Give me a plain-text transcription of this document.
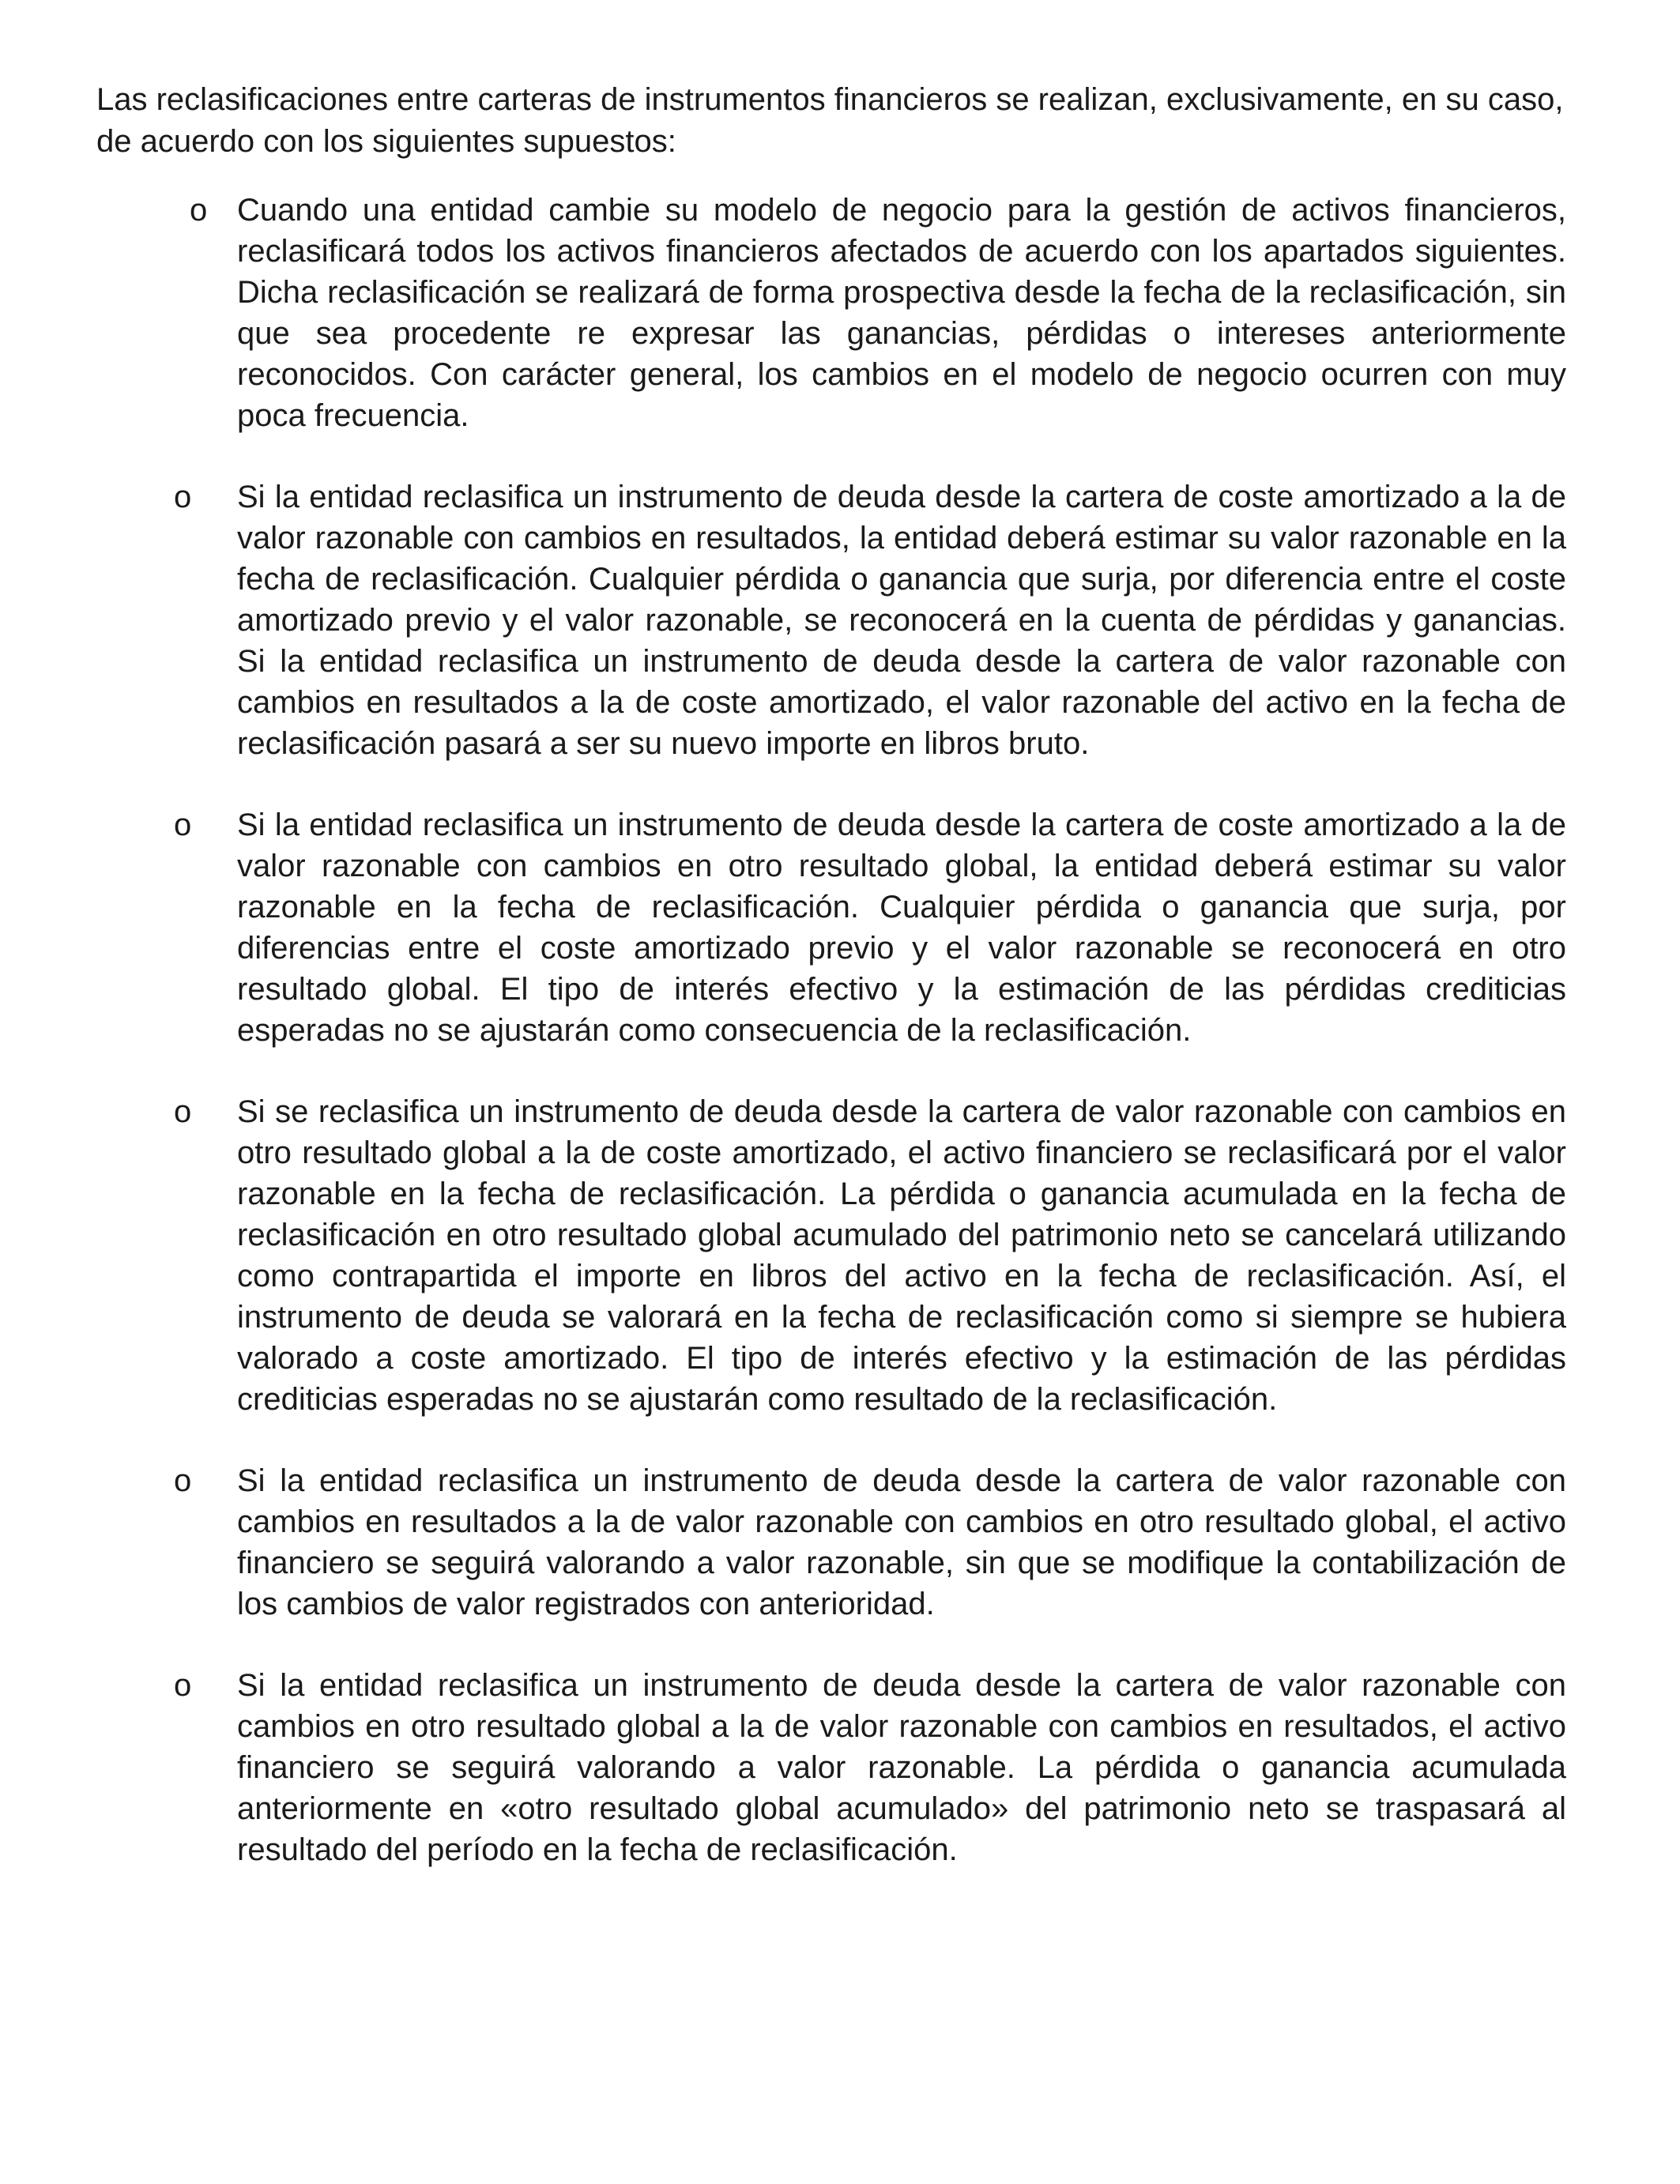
Las reclasificaciones entre carteras de instrumentos financieros se realizan, exclusivamente, en su caso, de acuerdo con los siguientes supuestos:

o Cuando una entidad cambie su modelo de negocio para la gestión de activos financieros, reclasificará todos los activos financieros afectados de acuerdo con los apartados siguientes. Dicha reclasificación se realizará de forma prospectiva desde la fecha de la reclasificación, sin que sea procedente re expresar las ganancias, pérdidas o intereses anteriormente reconocidos. Con carácter general, los cambios en el modelo de negocio ocurren con muy poca frecuencia.
o Si la entidad reclasifica un instrumento de deuda desde la cartera de coste amortizado a la de valor razonable con cambios en resultados, la entidad deberá estimar su valor razonable en la fecha de reclasificación. Cualquier pérdida o ganancia que surja, por diferencia entre el coste amortizado previo y el valor razonable, se reconocerá en la cuenta de pérdidas y ganancias. Si la entidad reclasifica un instrumento de deuda desde la cartera de valor razonable con cambios en resultados a la de coste amortizado, el valor razonable del activo en la fecha de reclasificación pasará a ser su nuevo importe en libros bruto.
o Si la entidad reclasifica un instrumento de deuda desde la cartera de coste amortizado a la de valor razonable con cambios en otro resultado global, la entidad deberá estimar su valor razonable en la fecha de reclasificación. Cualquier pérdida o ganancia que surja, por diferencias entre el coste amortizado previo y el valor razonable se reconocerá en otro resultado global. El tipo de interés efectivo y la estimación de las pérdidas crediticias esperadas no se ajustarán como consecuencia de la reclasificación.
o Si se reclasifica un instrumento de deuda desde la cartera de valor razonable con cambios en otro resultado global a la de coste amortizado, el activo financiero se reclasificará por el valor razonable en la fecha de reclasificación. La pérdida o ganancia acumulada en la fecha de reclasificación en otro resultado global acumulado del patrimonio neto se cancelará utilizando como contrapartida el importe en libros del activo en la fecha de reclasificación. Así, el instrumento de deuda se valorará en la fecha de reclasificación como si siempre se hubiera valorado a coste amortizado. El tipo de interés efectivo y la estimación de las pérdidas crediticias esperadas no se ajustarán como resultado de la reclasificación.
o Si la entidad reclasifica un instrumento de deuda desde la cartera de valor razonable con cambios en resultados a la de valor razonable con cambios en otro resultado global, el activo financiero se seguirá valorando a valor razonable, sin que se modifique la contabilización de los cambios de valor registrados con anterioridad.
o Si la entidad reclasifica un instrumento de deuda desde la cartera de valor razonable con cambios en otro resultado global a la de valor razonable con cambios en resultados, el activo financiero se seguirá valorando a valor razonable. La pérdida o ganancia acumulada anteriormente en «otro resultado global acumulado» del patrimonio neto se traspasará al resultado del período en la fecha de reclasificación.
